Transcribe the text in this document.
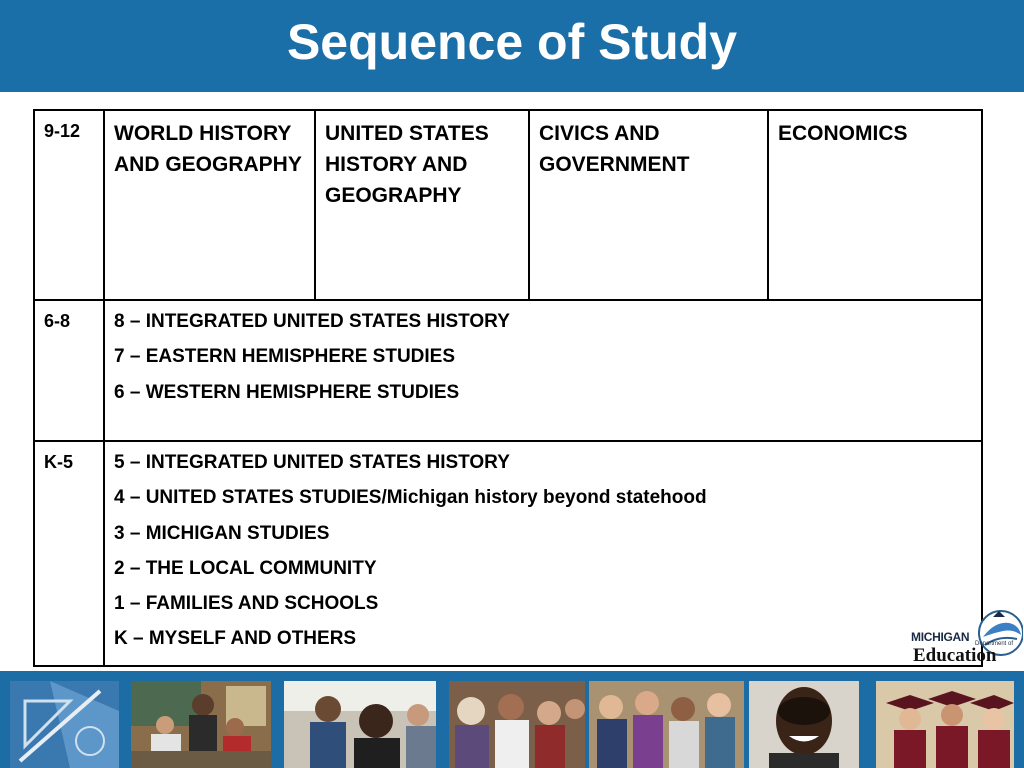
Sequence of Study
9-12 WORLD HISTORY AND GEOGRAPHY
UNITED STATES HISTORY AND GEOGRAPHY
CIVICS AND GOVERNMENT
ECONOMICS
6-8 8 – INTEGRATED UNITED STATES HISTORY
7 – EASTERN HEMISPHERE STUDIES
6 – WESTERN HEMISPHERE STUDIES
K-5 5 – INTEGRATED UNITED STATES HISTORY
4 – UNITED STATES STUDIES/Michigan history beyond statehood
3 – MICHIGAN STUDIES
2 – THE LOCAL COMMUNITY
1 – FAMILIES AND SCHOOLS
K – MYSELF AND OTHERS	MICHIGAN Department of
Education
